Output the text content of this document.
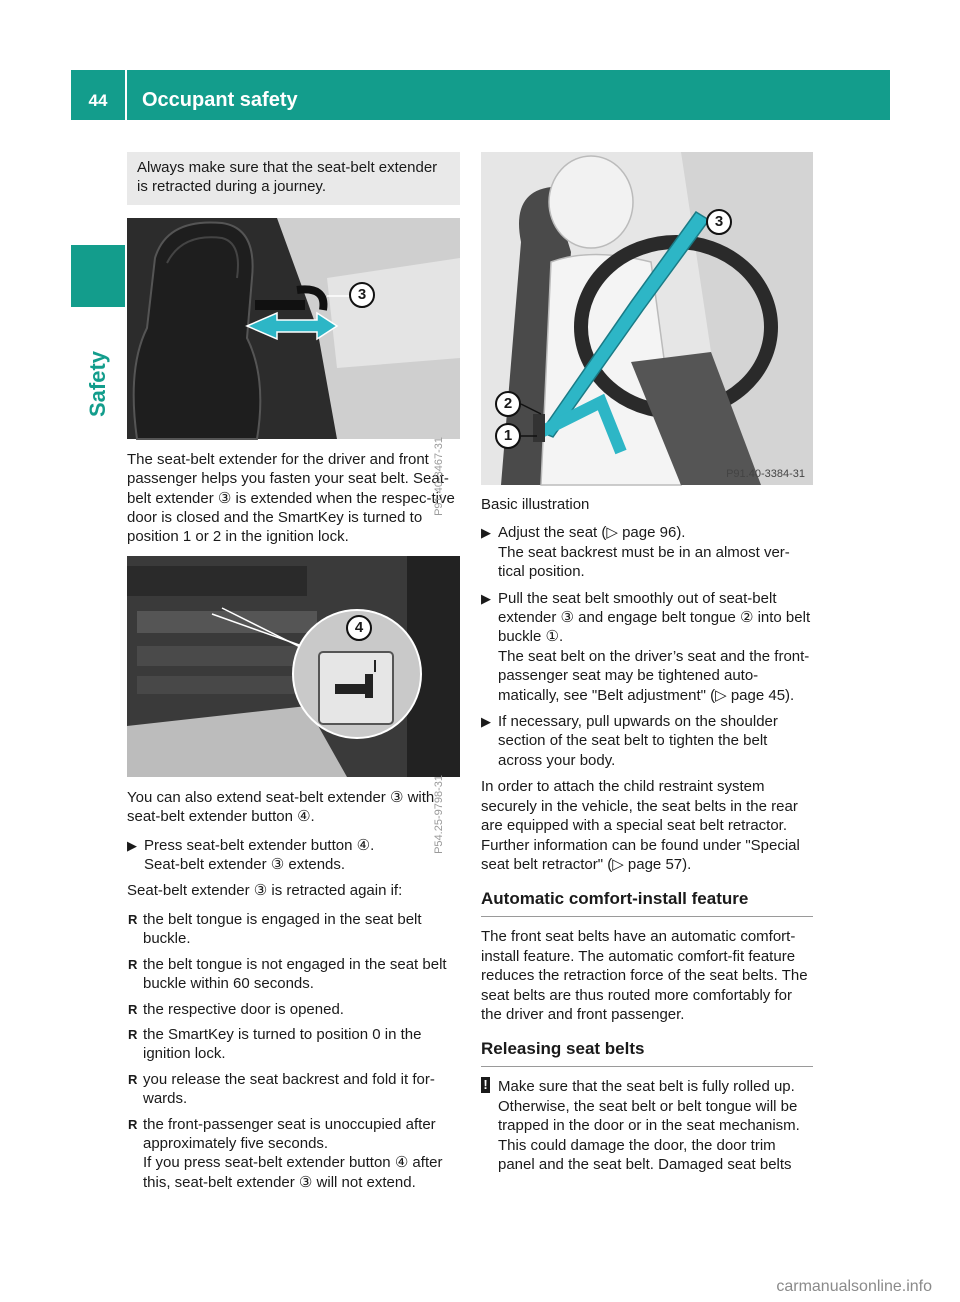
44	Occupant safety
Safety
Always make sure that the seat-belt extender is retracted during a journey.
3
P91.40-3467-31

The seat-belt extender for the driver and front passenger helps you fasten your seat belt. Seat-belt extender ③ is extended when the respec-tive door is closed and the SmartKey is turned to position 1 or 2 in the ignition lock.

4
P54.25-9798-31

You can also extend seat-belt extender ③ with seat-belt extender button ④.

▶ Press seat-belt extender button ④.
Seat-belt extender ③ extends.

Seat-belt extender ③ is retracted again if:

R the belt tongue is engaged in the seat belt buckle.
R the belt tongue is not engaged in the seat belt buckle within 60 seconds.
R the respective door is opened.
R the SmartKey is turned to position 0 in the ignition lock.
R you release the seat backrest and fold it for-wards.
R the front-passenger seat is unoccupied after approximately five seconds.
If you press seat-belt extender button ④ after this, seat-belt extender ③ will not extend.
3
2
1
P91.40-3384-31

Basic illustration

▶ Adjust the seat (▷ page 96).
The seat backrest must be in an almost ver-tical position.
▶ Pull the seat belt smoothly out of seat-belt extender ③ and engage belt tongue ② into belt buckle ①.
The seat belt on the driver’s seat and the front-passenger seat may be tightened auto-matically, see "Belt adjustment" (▷ page 45).
▶ If necessary, pull upwards on the shoulder section of the seat belt to tighten the belt across your body.

In order to attach the child restraint system securely in the vehicle, the seat belts in the rear are equipped with a special seat belt retractor. Further information can be found under "Special seat belt retractor" (▷ page 57).

Automatic comfort-install feature

The front seat belts have an automatic comfort-install feature. The automatic comfort-fit feature reduces the retraction force of the seat belts. The seat belts are thus routed more comfortably for the driver and front passenger.

Releasing seat belts
! Make sure that the seat belt is fully rolled up. Otherwise, the seat belt or belt tongue will be trapped in the door or in the seat mechanism. This could damage the door, the door trim panel and the seat belt. Damaged seat belts
carmanualsonline.info
